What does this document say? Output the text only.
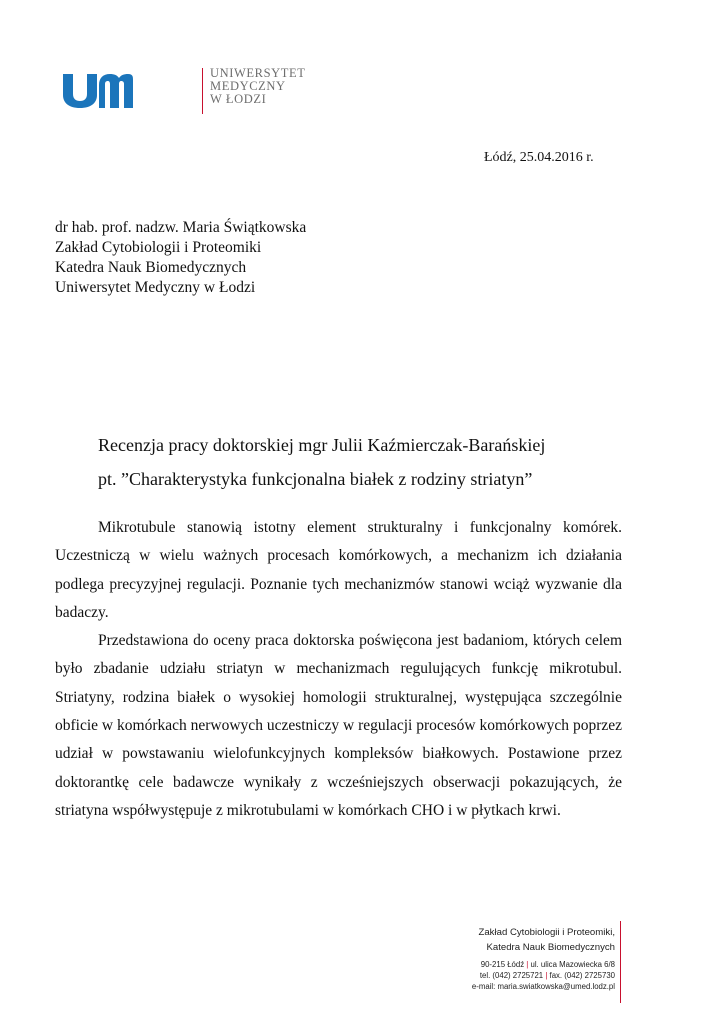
UNIWERSYTET
MEDYCZNY
W ŁODZI
Łódź, 25.04.2016 r.
dr hab. prof. nadzw. Maria Świątkowska
Zakład Cytobiologii i Proteomiki
Katedra Nauk Biomedycznych
Uniwersytet Medyczny w Łodzi
Recenzja pracy doktorskiej mgr Julii Kaźmierczak-Barańskiej
pt. ”Charakterystyka funkcjonalna białek z rodziny striatyn”

Mikrotubule stanowią istotny element strukturalny i funkcjonalny komórek. Uczestniczą w wielu ważnych procesach komórkowych, a mechanizm ich działania podlega precyzyjnej regulacji. Poznanie tych mechanizmów stanowi wciąż wyzwanie dla badaczy.

Przedstawiona do oceny praca doktorska poświęcona jest badaniom, których celem było zbadanie udziału striatyn w mechanizmach regulujących funkcję mikrotubul. Striatyny, rodzina białek o wysokiej homologii strukturalnej, występująca szczególnie obficie w komórkach nerwowych uczestniczy w regulacji procesów komórkowych poprzez udział w powstawaniu wielofunkcyjnych kompleksów białkowych. Postawione przez doktorantkę cele badawcze wynikały z wcześniejszych obserwacji pokazujących, że striatyna współwystępuje z mikrotubulami w komórkach CHO i w płytkach krwi.

Zakład Cytobiologii i Proteomiki,
Katedra Nauk Biomedycznych
90-215 Łódź | ul. ulica Mazowiecka 6/8
tel. (042) 2725721 | fax. (042) 2725730
e-mail: maria.swiatkowska@umed.lodz.pl
